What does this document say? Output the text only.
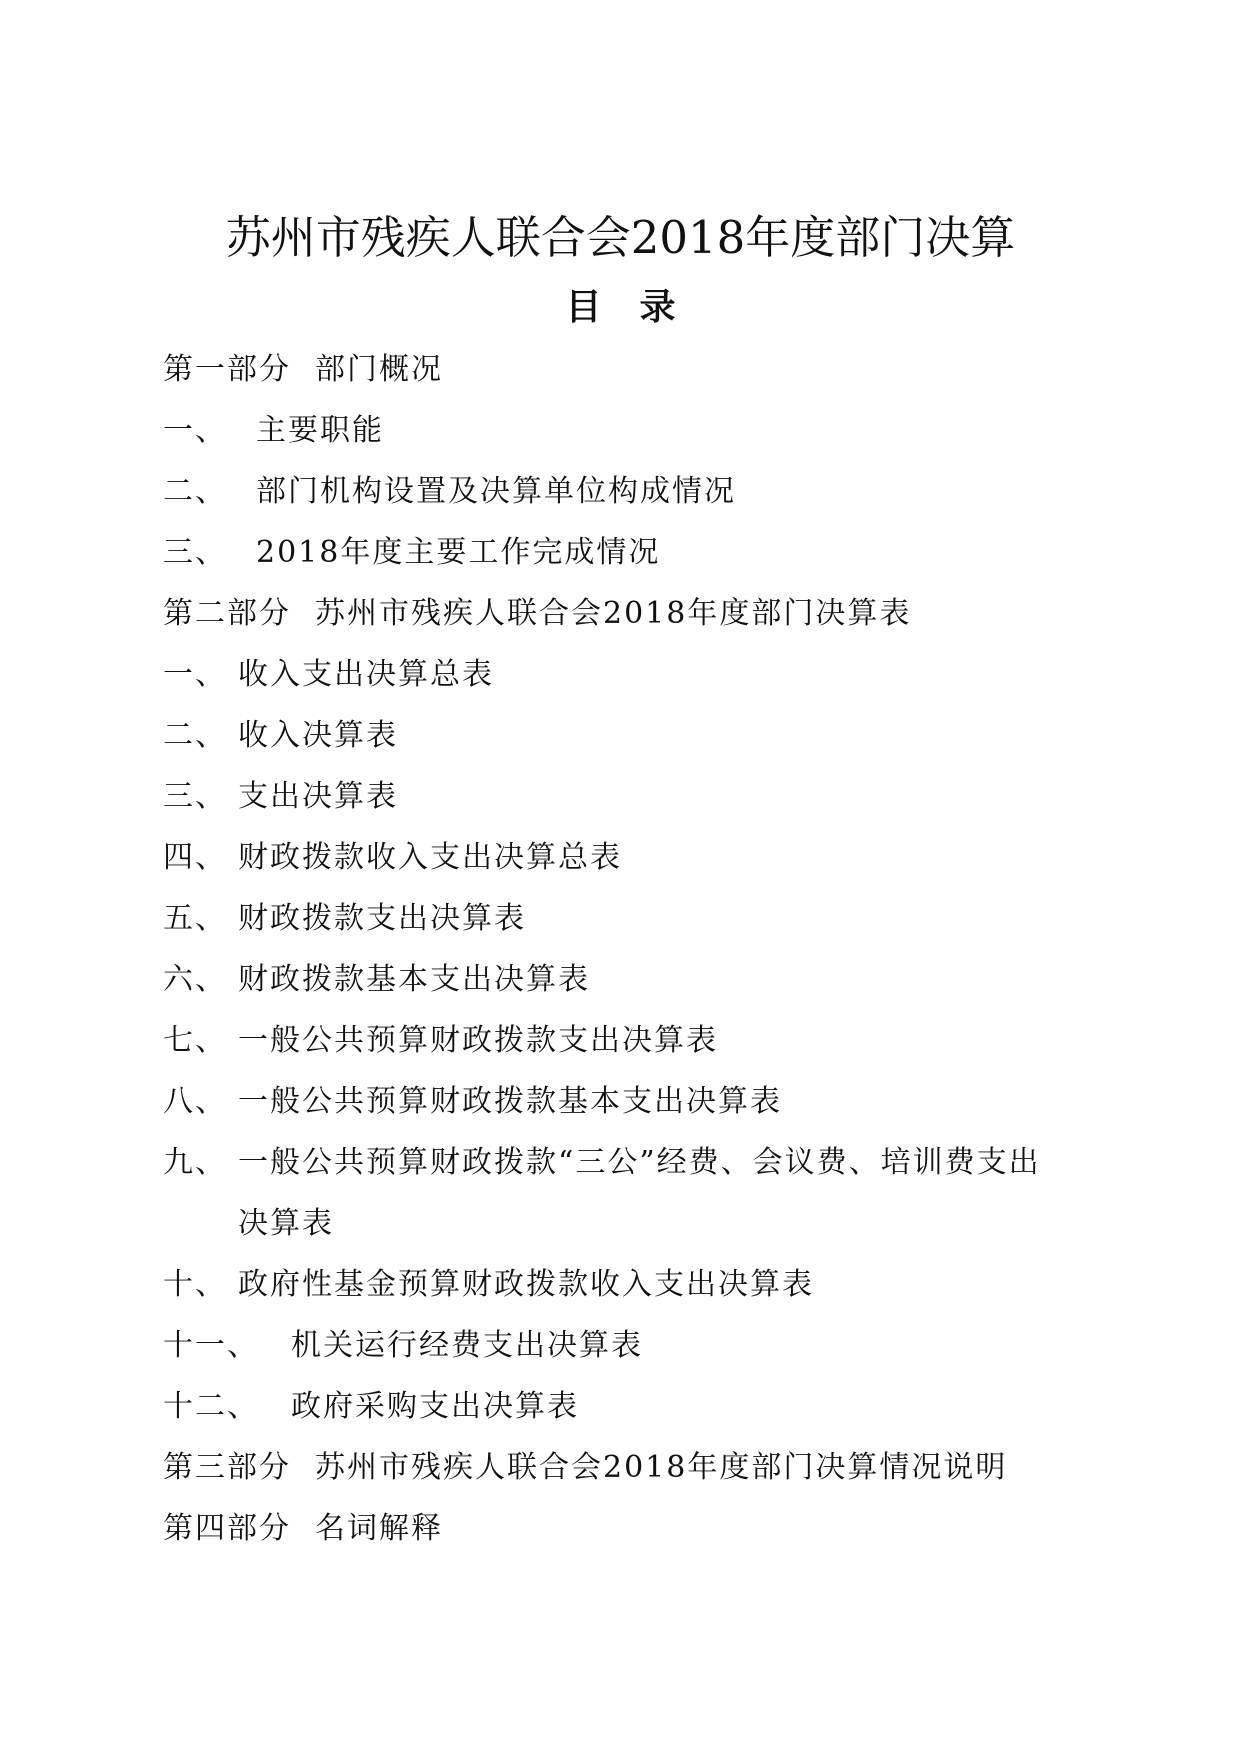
苏州市残疾人联合会2018年度部门决算
目录
第一部分 部门概况
一、 主要职能
二、 部门机构设置及决算单位构成情况
三、 2018年度主要工作完成情况
第二部分 苏州市残疾人联合会2018年度部门决算表
一、 收入支出决算总表
二、 收入决算表
三、 支出决算表
四、 财政拨款收入支出决算总表
五、 财政拨款支出决算表
六、 财政拨款基本支出决算表
七、 一般公共预算财政拨款支出决算表
八、 一般公共预算财政拨款基本支出决算表
九、 一般公共预算财政拨款“三公”经费、会议费、培训费支出
决算表
十、 政府性基金预算财政拨款收入支出决算表
十一、 机关运行经费支出决算表
十二、 政府采购支出决算表
第三部分 苏州市残疾人联合会2018年度部门决算情况说明
第四部分 名词解释
